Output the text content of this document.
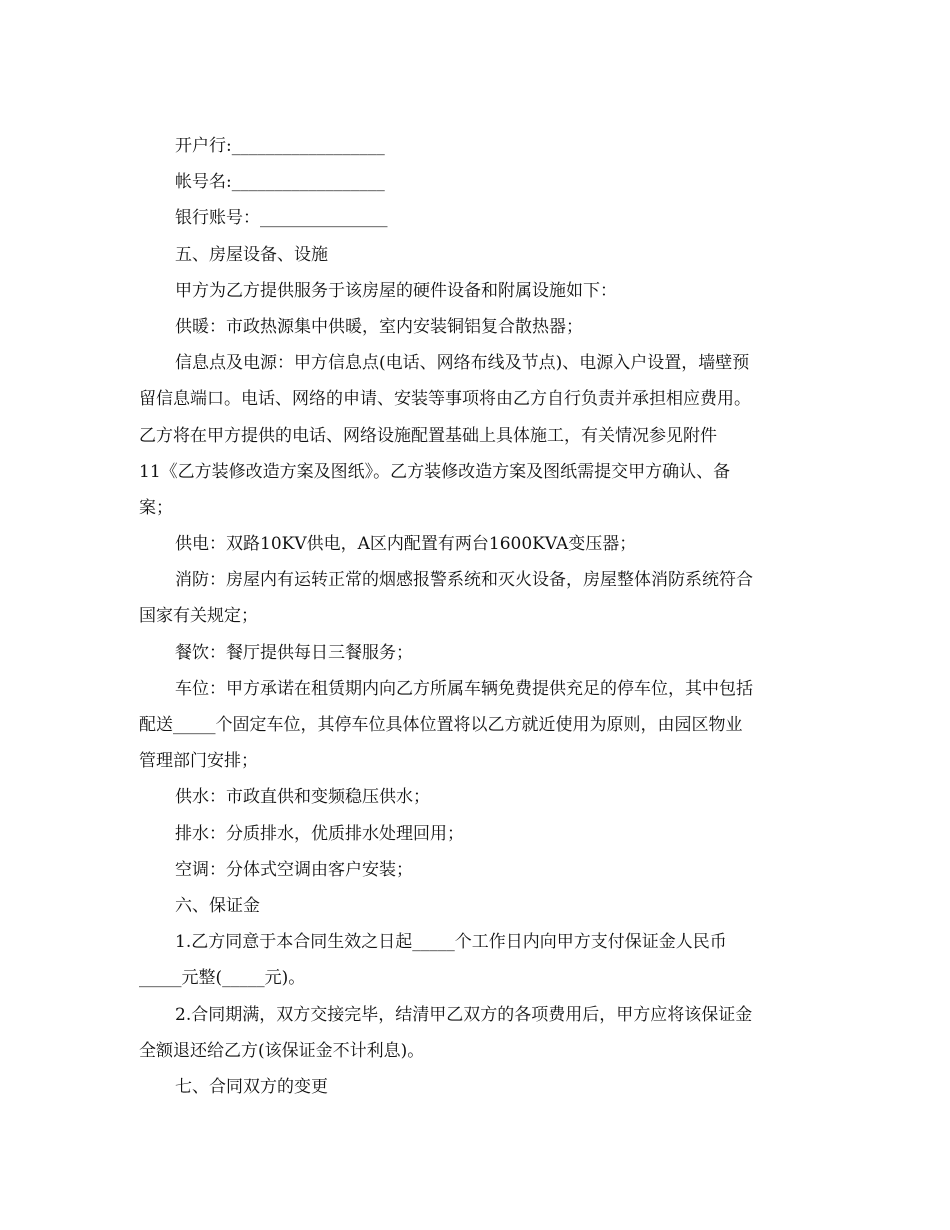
开户行:__________________
帐号名:__________________
银行账号：_______________
五、房屋设备、设施
甲方为乙方提供服务于该房屋的硬件设备和附属设施如下：
供暖：市政热源集中供暖，室内安装铜铝复合散热器；
信息点及电源：甲方信息点(电话、网络布线及节点)、电源入户设置，墙壁预
留信息端口。电话、网络的申请、安装等事项将由乙方自行负责并承担相应费用。
乙方将在甲方提供的电话、网络设施配置基础上具体施工，有关情况参见附件
11《乙方装修改造方案及图纸》。乙方装修改造方案及图纸需提交甲方确认、备
案；
供电：双路10KV供电，A区内配置有两台1600KVA变压器；
消防：房屋内有运转正常的烟感报警系统和灭火设备，房屋整体消防系统符合
国家有关规定；
餐饮：餐厅提供每日三餐服务；
车位：甲方承诺在租赁期内向乙方所属车辆免费提供充足的停车位，其中包括
配送_____个固定车位，其停车位具体位置将以乙方就近使用为原则，由园区物业
管理部门安排；
供水：市政直供和变频稳压供水；
排水：分质排水，优质排水处理回用；
空调：分体式空调由客户安装；
六、保证金
1.乙方同意于本合同生效之日起_____个工作日内向甲方支付保证金人民币
_____元整(_____元)。
2.合同期满，双方交接完毕，结清甲乙双方的各项费用后，甲方应将该保证金
全额退还给乙方(该保证金不计利息)。
七、合同双方的变更
